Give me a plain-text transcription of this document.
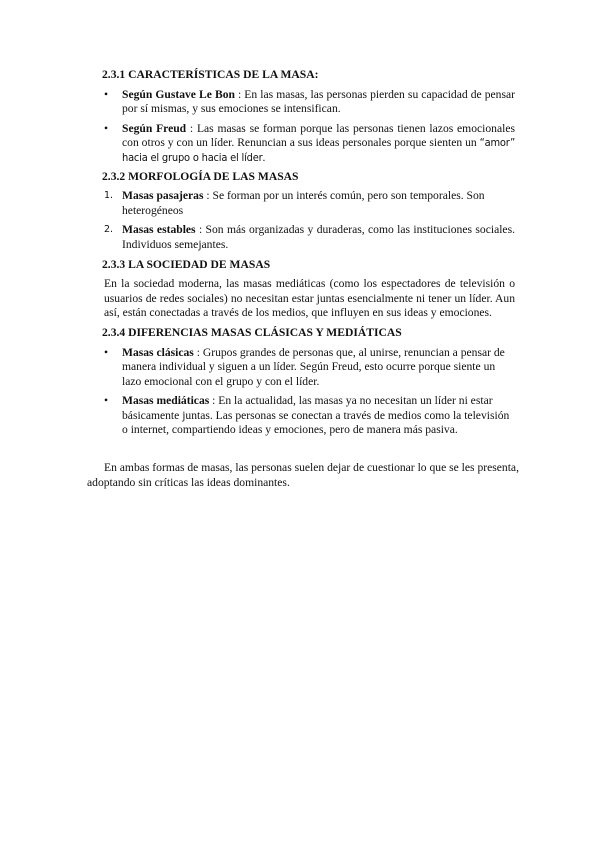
2.3.1 CARACTERÍSTICAS DE LA MASA:
•	Según Gustave Le Bon : En las masas, las personas pierden su capacidad de pensar por sí mismas, y sus emociones se intensifican.
•	Según Freud : Las masas se forman porque las personas tienen lazos emocionales con otros y con un líder. Renuncian a sus ideas personales porque sienten un “amor” hacia el grupo o hacia el líder.
2.3.2 MORFOLOGÍA DE LAS MASAS
1. Masas pasajeras : Se forman por un interés común, pero son temporales. Son heterogéneos
2. Masas estables : Son más organizadas y duraderas, como las instituciones sociales. Individuos semejantes.
2.3.3 LA SOCIEDAD DE MASAS
En la sociedad moderna, las masas mediáticas (como los espectadores de televisión o usuarios de redes sociales) no necesitan estar juntas esencialmente ni tener un líder. Aun así, están conectadas a través de los medios, que influyen en sus ideas y emociones.
2.3.4 DIFERENCIAS MASAS CLÁSICAS Y MEDIÁTICAS
•	Masas clásicas : Grupos grandes de personas que, al unirse, renuncian a pensar de manera individual y siguen a un líder. Según Freud, esto ocurre porque siente un lazo emocional con el grupo y con el líder.
•	Masas mediáticas : En la actualidad, las masas ya no necesitan un líder ni estar básicamente juntas. Las personas se conectan a través de medios como la televisión o internet, compartiendo ideas y emociones, pero de manera más pasiva.
En ambas formas de masas, las personas suelen dejar de cuestionar lo que se les presenta, adoptando sin críticas las ideas dominantes.
